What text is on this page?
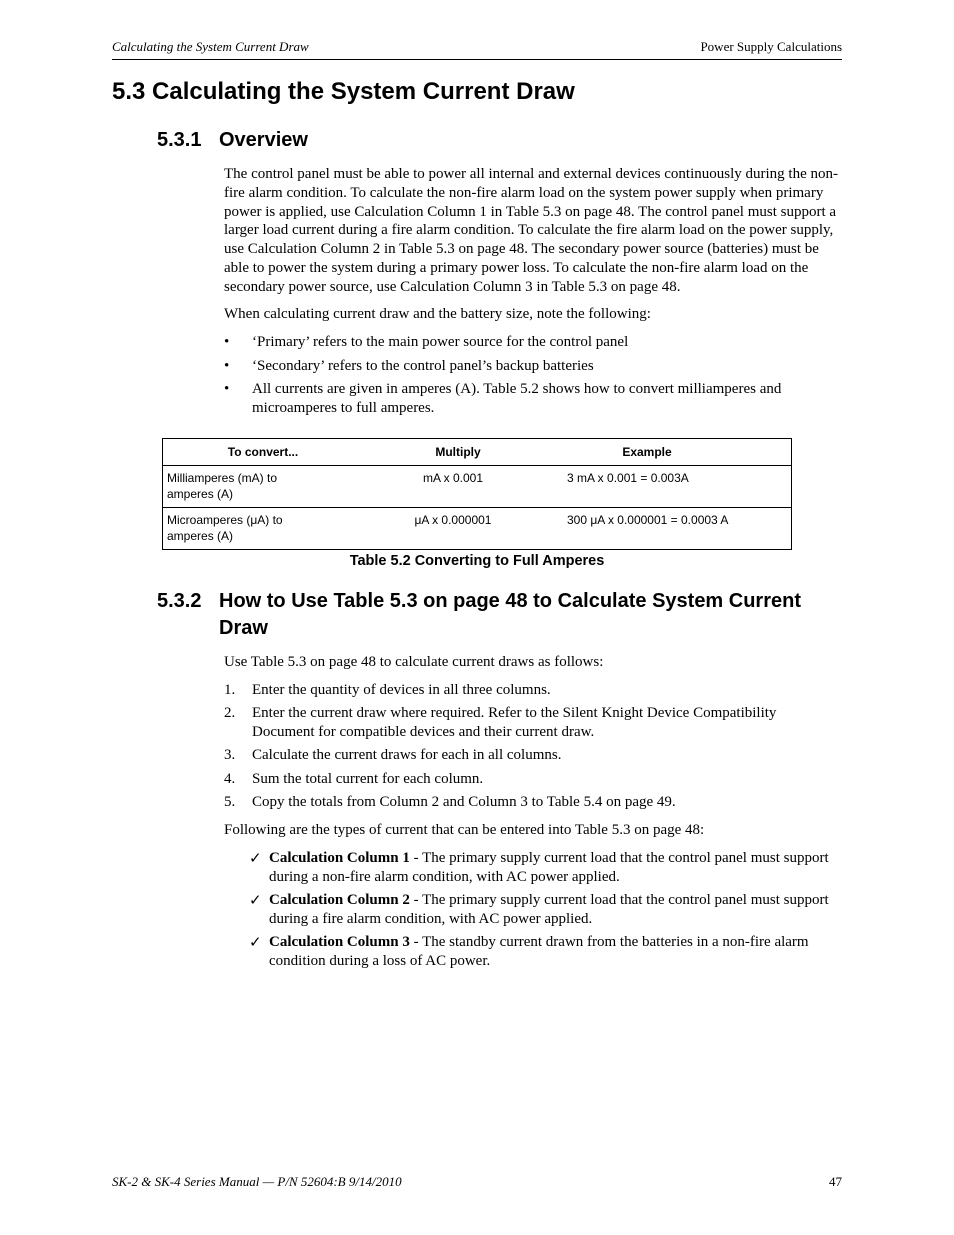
Calculating the System Current Draw	Power Supply Calculations
5.3 Calculating the System Current Draw
5.3.1 Overview
The control panel must be able to power all internal and external devices continuously during the non-fire alarm condition. To calculate the non-fire alarm load on the system power supply when primary power is applied, use Calculation Column 1 in Table 5.3 on page 48. The control panel must support a larger load current during a fire alarm condition. To calculate the fire alarm load on the power supply, use Calculation Column 2 in Table 5.3 on page 48. The secondary power source (batteries) must be able to power the system during a primary power loss. To calculate the non-fire alarm load on the secondary power source, use Calculation Column 3 in Table 5.3 on page 48.
When calculating current draw and the battery size, note the following:
• ‘Primary’ refers to the main power source for the control panel
• ‘Secondary’ refers to the control panel’s backup batteries
• All currents are given in amperes (A). Table 5.2 shows how to convert milliamperes and microamperes to full amperes.
To convert...	Multiply	Example

Milliamperes (mA) to amperes (A)	mA x 0.001	3 mA x 0.001 = 0.003A

Microamperes (μA) to amperes (A)	μA x 0.000001	300 μA x 0.000001 = 0.0003 A
Table 5.2 Converting to Full Amperes
5.3.2 How to Use Table 5.3 on page 48 to Calculate System Current Draw
Use Table 5.3 on page 48 to calculate current draws as follows:
1. Enter the quantity of devices in all three columns.
2. Enter the current draw where required. Refer to the Silent Knight Device Compatibility Document for compatible devices and their current draw.
3. Calculate the current draws for each in all columns.
4. Sum the total current for each column.
5. Copy the totals from Column 2 and Column 3 to Table 5.4 on page 49.
Following are the types of current that can be entered into Table 5.3 on page 48:
✓ Calculation Column 1 - The primary supply current load that the control panel must support during a non-fire alarm condition, with AC power applied.
✓ Calculation Column 2 - The primary supply current load that the control panel must support during a fire alarm condition, with AC power applied.
✓ Calculation Column 3 - The standby current drawn from the batteries in a non-fire alarm condition during a loss of AC power.
SK-2 & SK-4 Series Manual — P/N 52604:B 9/14/2010	47
